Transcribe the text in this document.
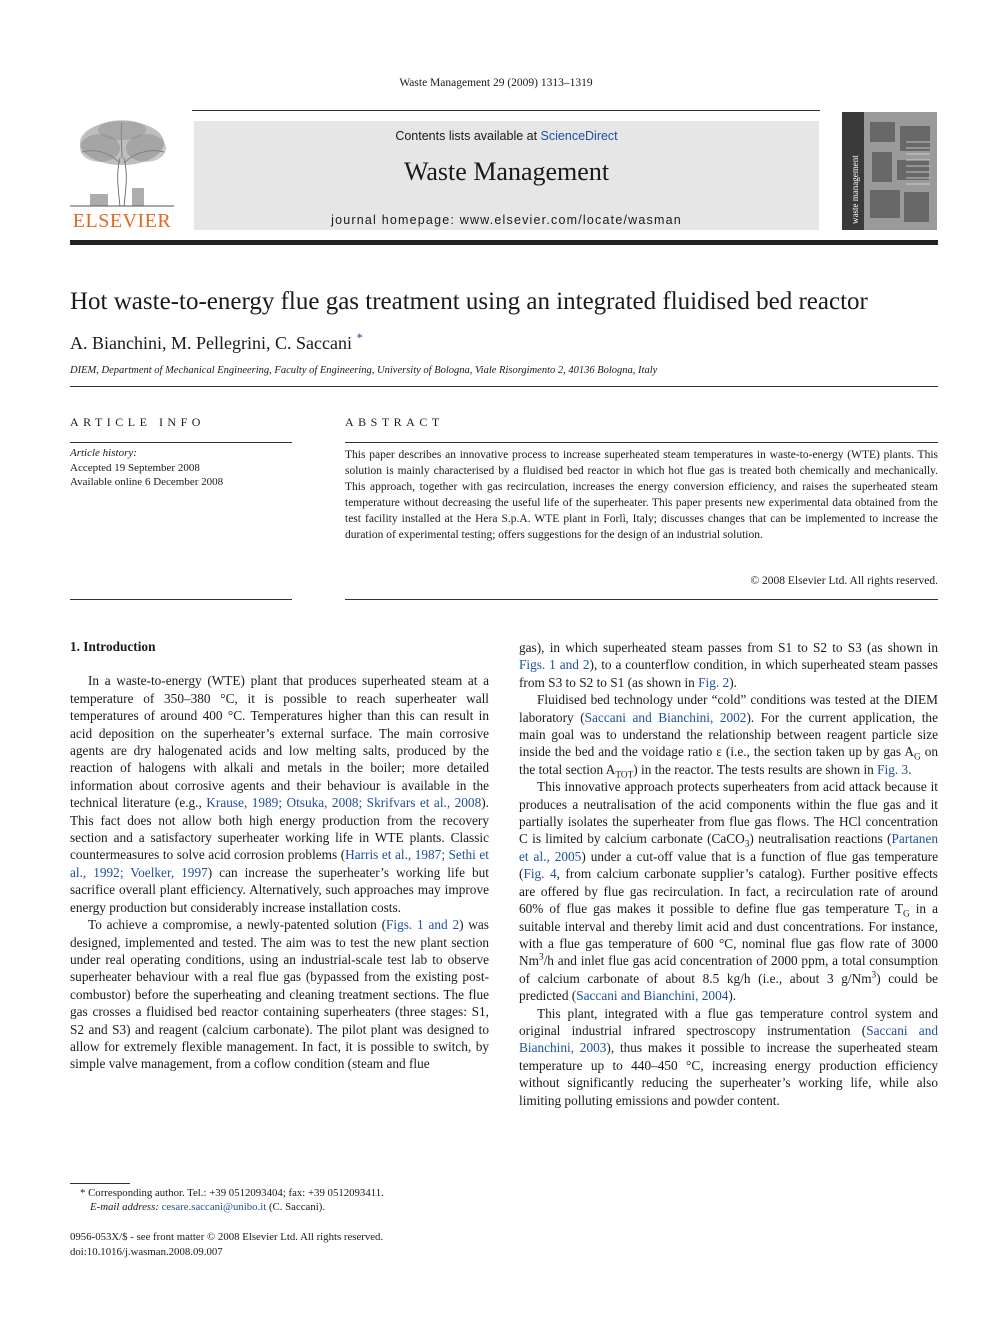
Waste Management 29 (2009) 1313–1319
ELSEVIER
Contents lists available at ScienceDirect
Waste Management
journal homepage: www.elsevier.com/locate/wasman	waste management
Hot waste-to-energy flue gas treatment using an integrated fluidised bed reactor
A. Bianchini, M. Pellegrini, C. Saccani *
DIEM, Department of Mechanical Engineering, Faculty of Engineering, University of Bologna, Viale Risorgimento 2, 40136 Bologna, Italy
ARTICLE INFO
Article history:
Accepted 19 September 2008
Available online 6 December 2008
ABSTRACT
This paper describes an innovative process to increase superheated steam temperatures in waste-to-energy (WTE) plants. This solution is mainly characterised by a fluidised bed reactor in which hot flue gas is treated both chemically and mechanically. This approach, together with gas recirculation, increases the energy conversion efficiency, and raises the superheated steam temperature without decreasing the useful life of the superheater. This paper presents new experimental data obtained from the test facility installed at the Hera S.p.A. WTE plant in Forlì, Italy; discusses changes that can be implemented to increase the duration of experimental testing; offers suggestions for the design of an industrial solution.
© 2008 Elsevier Ltd. All rights reserved.
1. Introduction

In a waste-to-energy (WTE) plant that produces superheated steam at a temperature of 350–380 °C, it is possible to reach superheater wall temperatures of around 400 °C. Temperatures higher than this can result in acid deposition on the superheater’s external surface. The main corrosive agents are dry halogenated acids and low melting salts, produced by the reaction of halogens with alkali and metals in the boiler; more detailed information about corrosive agents and their behaviour is available in the technical literature (e.g., Krause, 1989; Otsuka, 2008; Skrifvars et al., 2008). This fact does not allow both high energy production from the recovery section and a satisfactory superheater working life in WTE plants. Classic countermeasures to solve acid corrosion problems (Harris et al., 1987; Sethi et al., 1992; Voelker, 1997) can increase the superheater’s working life but sacrifice overall plant efficiency. Alternatively, such approaches may improve energy production but considerably increase installation costs.

To achieve a compromise, a newly-patented solution (Figs. 1 and 2) was designed, implemented and tested. The aim was to test the new plant section under real operating conditions, using an industrial-scale test lab to observe superheater behaviour with a real flue gas (bypassed from the existing post-combustor) before the superheating and cleaning treatment sections. The flue gas crosses a fluidised bed reactor containing superheaters (three stages: S1, S2 and S3) and reagent (calcium carbonate). The pilot plant was designed to allow for extremely flexible management. In fact, it is possible to switch, by simple valve management, from a coflow condition (steam and flue

gas), in which superheated steam passes from S1 to S2 to S3 (as shown in Figs. 1 and 2), to a counterflow condition, in which superheated steam passes from S3 to S2 to S1 (as shown in Fig. 2).

Fluidised bed technology under “cold” conditions was tested at the DIEM laboratory (Saccani and Bianchini, 2002). For the current application, the main goal was to understand the relationship between reagent particle size inside the bed and the voidage ratio ε (i.e., the section taken up by gas $A_G$ on the total section $A_{TOT}$) in the reactor. The tests results are shown in Fig. 3.

This innovative approach protects superheaters from acid attack because it produces a neutralisation of the acid components within the flue gas and it partially isolates the superheater from flue gas flows. The HCl concentration C is limited by calcium carbonate (CaCO$_3$) neutralisation reactions (Partanen et al., 2005) under a cut-off value that is a function of flue gas temperature (Fig. 4, from calcium carbonate supplier’s catalog). Further positive effects are offered by flue gas recirculation. In fact, a recirculation rate of around 60% of flue gas makes it possible to define flue gas temperature $T_G$ in a suitable interval and thereby limit acid and dust concentrations. For instance, with a flue gas temperature of 600 °C, nominal flue gas flow rate of 3000 Nm$^3$/h and inlet flue gas acid concentration of 2000 ppm, a total consumption of calcium carbonate of about 8.5 kg/h (i.e., about 3 g/Nm$^3$) could be predicted (Saccani and Bianchini, 2004).

This plant, integrated with a flue gas temperature control system and original industrial infrared spectroscopy instrumentation (Saccani and Bianchini, 2003), thus makes it possible to increase the superheated steam temperature up to 440–450 °C, increasing energy production efficiency without significantly reducing the superheater’s working life, while also limiting polluting emissions and powder content.

* Corresponding author. Tel.: +39 0512093404; fax: +39 0512093411.
E-mail address: cesare.saccani@unibo.it (C. Saccani).
0956-053X/$ - see front matter © 2008 Elsevier Ltd. All rights reserved.
doi:10.1016/j.wasman.2008.09.007
